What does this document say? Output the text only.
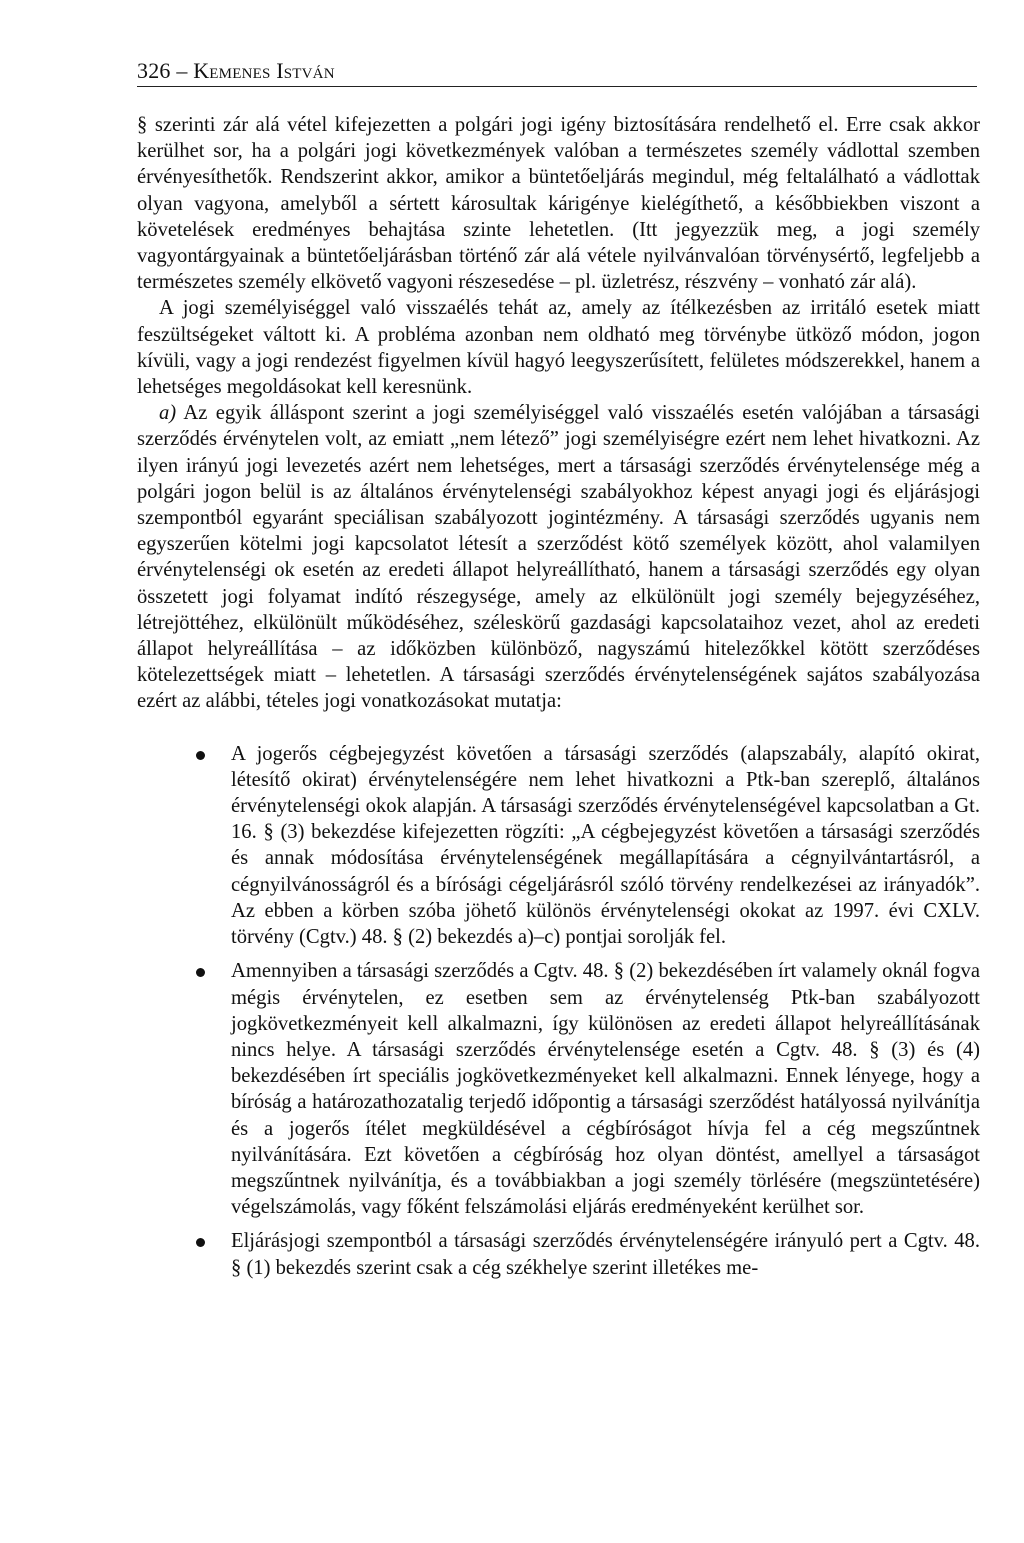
326 – Kemenes István

§ szerinti zár alá vétel kifejezetten a polgári jogi igény biztosítására rendelhető el. Erre csak akkor kerülhet sor, ha a polgári jogi következmények valóban a természetes személy vádlottal szemben érvényesíthetők. Rendszerint akkor, amikor a büntetőeljárás megindul, még feltalálható a vádlottak olyan vagyona, amelyből a sértett károsultak kárigénye kielégíthető, a későbbiekben viszont a követelések eredményes behajtása szinte lehetetlen. (Itt jegyezzük meg, a jogi személy vagyontárgyainak a büntetőeljárásban történő zár alá vétele nyilvánvalóan törvénysértő, legfeljebb a természetes személy elkövető vagyoni részesedése – pl. üzletrész, részvény – vonható zár alá).

A jogi személyiséggel való visszaélés tehát az, amely az ítélkezésben az irritáló esetek miatt feszültségeket váltott ki. A probléma azonban nem oldható meg törvénybe ütköző módon, jogon kívüli, vagy a jogi rendezést figyelmen kívül hagyó leegyszerűsített, felületes módszerekkel, hanem a lehetséges megoldásokat kell keresnünk.

a) Az egyik álláspont szerint a jogi személyiséggel való visszaélés esetén valójában a társasági szerződés érvénytelen volt, az emiatt „nem létező” jogi személyiségre ezért nem lehet hivatkozni. Az ilyen irányú jogi levezetés azért nem lehetséges, mert a társasági szerződés érvénytelensége még a polgári jogon belül is az általános érvénytelenségi szabályokhoz képest anyagi jogi és eljárásjogi szempontból egyaránt speciálisan szabályozott jogintézmény. A társasági szerződés ugyanis nem egyszerűen kötelmi jogi kapcsolatot létesít a szerződést kötő személyek között, ahol valamilyen érvénytelenségi ok esetén az eredeti állapot helyreállítható, hanem a társasági szerződés egy olyan összetett jogi folyamat indító részegysége, amely az elkülönült jogi személy bejegyzéséhez, létrejöttéhez, elkülönült működéséhez, széleskörű gazdasági kapcsolataihoz vezet, ahol az eredeti állapot helyreállítása – az időközben különböző, nagyszámú hitelezőkkel kötött szerződéses kötelezettségek miatt – lehetetlen. A társasági szerződés érvénytelenségének sajátos szabályozása ezért az alábbi, tételes jogi vonatkozásokat mutatja:

A jogerős cégbejegyzést követően a társasági szerződés (alapszabály, alapító okirat, létesítő okirat) érvénytelenségére nem lehet hivatkozni a Ptk-ban szereplő, általános érvénytelenségi okok alapján. A társasági szerződés érvénytelenségével kapcsolatban a Gt. 16. § (3) bekezdése kifejezetten rögzíti: „A cégbejegyzést követően a társasági szerződés és annak módosítása érvénytelenségének megállapítására a cégnyilvántartásról, a cégnyilvánosságról és a bírósági cégeljárásról szóló törvény rendelkezései az irányadók”. Az ebben a körben szóba jöhető különös érvénytelenségi okokat az 1997. évi CXLV. törvény (Cgtv.) 48. § (2) bekezdés a)–c) pontjai sorolják fel.
Amennyiben a társasági szerződés a Cgtv. 48. § (2) bekezdésében írt valamely oknál fogva mégis érvénytelen, ez esetben sem az érvénytelenség Ptk-ban szabályozott jogkövetkezményeit kell alkalmazni, így különösen az eredeti állapot helyreállításának nincs helye. A társasági szerződés érvénytelensége esetén a Cgtv. 48. § (3) és (4) bekezdésében írt speciális jogkövetkezményeket kell alkalmazni. Ennek lényege, hogy a bíróság a határozathozatalig terjedő időpontig a társasági szerződést hatályossá nyilvánítja és a jogerős ítélet megküldésével a cégbíróságot hívja fel a cég megszűntnek nyilvánítására. Ezt követően a cégbíróság hoz olyan döntést, amellyel a társaságot megszűntnek nyilvánítja, és a továbbiakban a jogi személy törlésére (megszüntetésére) végelszámolás, vagy főként felszámolási eljárás eredményeként kerülhet sor.
Eljárásjogi szempontból a társasági szerződés érvénytelenségére irányuló pert a Cgtv. 48. § (1) bekezdés szerint csak a cég székhelye szerint illetékes me-
